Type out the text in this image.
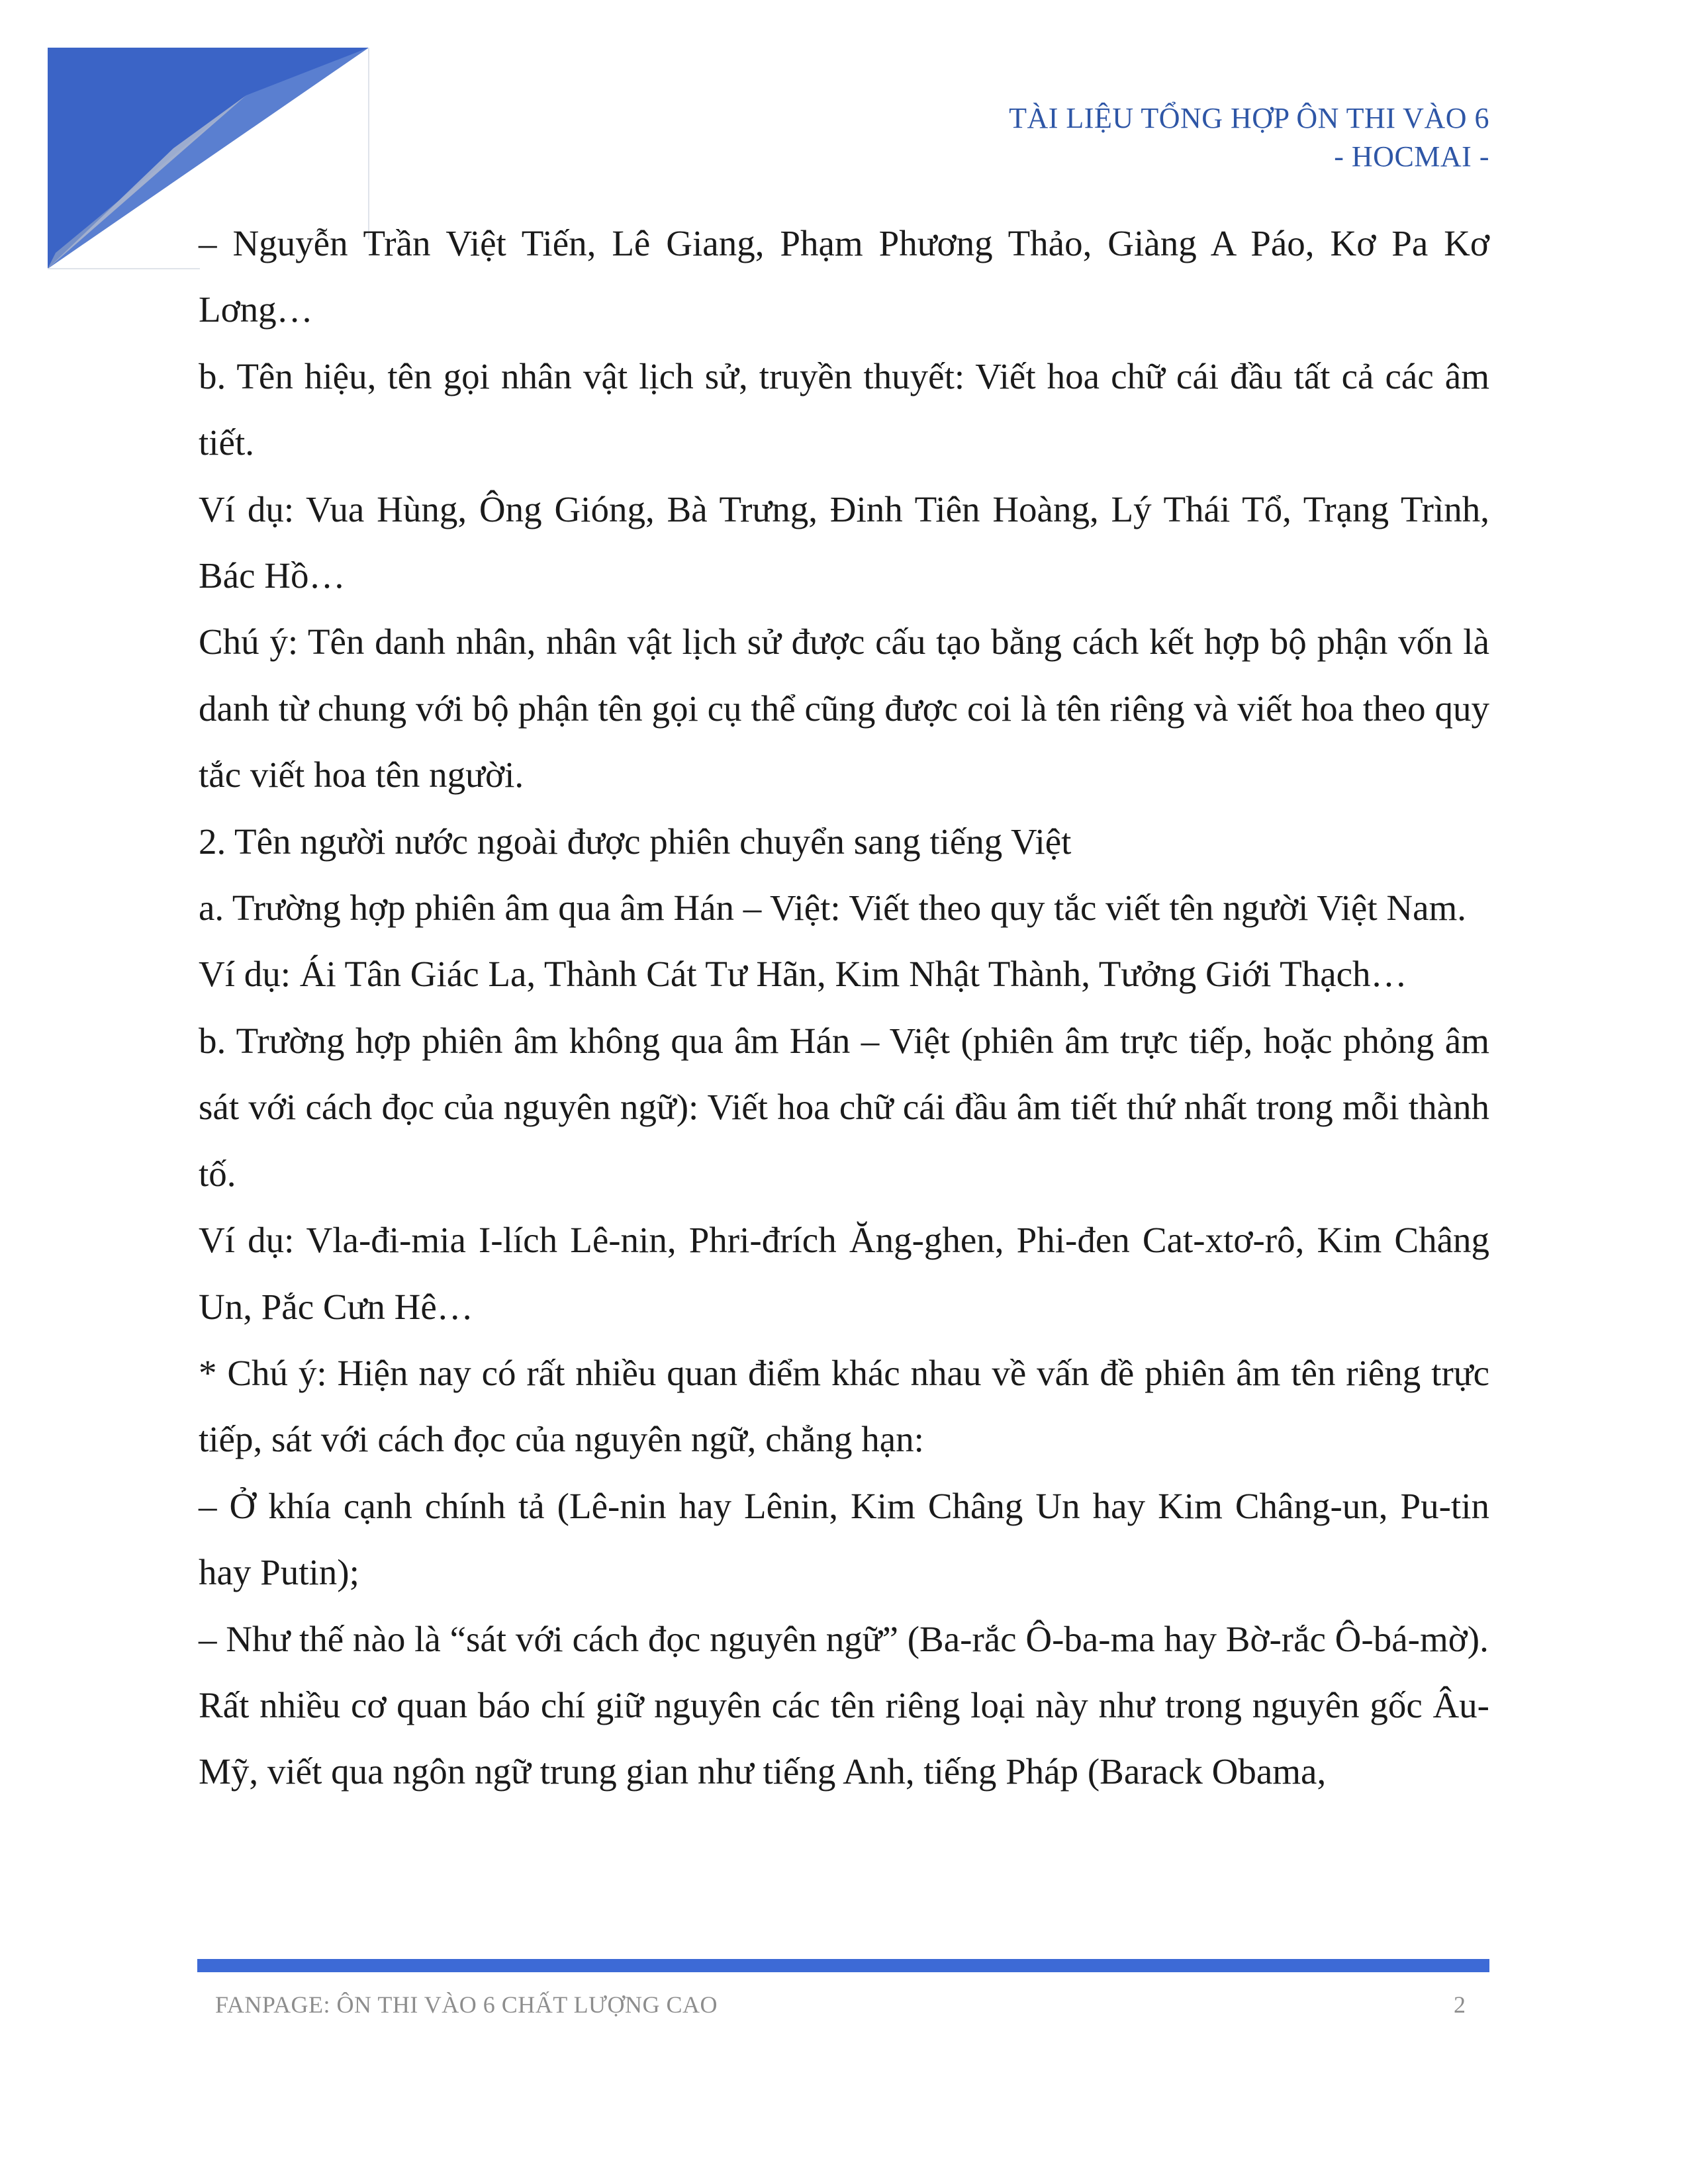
TÀI LIỆU TỔNG HỢP ÔN THI VÀO 6
- HOCMAI -

– Nguyễn Trần Việt Tiến, Lê Giang, Phạm Phương Thảo, Giàng A Páo, Kơ Pa Kơ Lơng…

b. Tên hiệu, tên gọi nhân vật lịch sử, truyền thuyết: Viết hoa chữ cái đầu tất cả các âm tiết.

Ví dụ: Vua Hùng, Ông Gióng, Bà Trưng, Đinh Tiên Hoàng, Lý Thái Tổ, Trạng Trình, Bác Hồ…

Chú ý: Tên danh nhân, nhân vật lịch sử được cấu tạo bằng cách kết hợp bộ phận vốn là danh từ chung với bộ phận tên gọi cụ thể cũng được coi là tên riêng và viết hoa theo quy tắc viết hoa tên người.

2. Tên người nước ngoài được phiên chuyển sang tiếng Việt

a. Trường hợp phiên âm qua âm Hán – Việt: Viết theo quy tắc viết tên người Việt Nam.

Ví dụ: Ái Tân Giác La, Thành Cát Tư Hãn, Kim Nhật Thành, Tưởng Giới Thạch…

b. Trường hợp phiên âm không qua âm Hán – Việt (phiên âm trực tiếp, hoặc phỏng âm sát với cách đọc của nguyên ngữ): Viết hoa chữ cái đầu âm tiết thứ nhất trong mỗi thành tố.

Ví dụ: Vla-đi-mia I-lích Lê-nin, Phri-đrích Ăng-ghen, Phi-đen Cat-xtơ-rô, Kim Châng Un, Pắc Cưn Hê…

* Chú ý: Hiện nay có rất nhiều quan điểm khác nhau về vấn đề phiên âm tên riêng trực tiếp, sát với cách đọc của nguyên ngữ, chẳng hạn:

– Ở khía cạnh chính tả (Lê-nin hay Lênin, Kim Châng Un hay Kim Châng-un, Pu-tin hay Putin);

– Như thế nào là “sát với cách đọc nguyên ngữ” (Ba-rắc Ô-ba-ma hay Bờ-rắc Ô-bá-mờ).

Rất nhiều cơ quan báo chí giữ nguyên các tên riêng loại này như trong nguyên gốc Âu-Mỹ, viết qua ngôn ngữ trung gian như tiếng Anh, tiếng Pháp (Barack Obama,

FANPAGE: ÔN THI VÀO 6 CHẤT LƯỢNG CAO	2
